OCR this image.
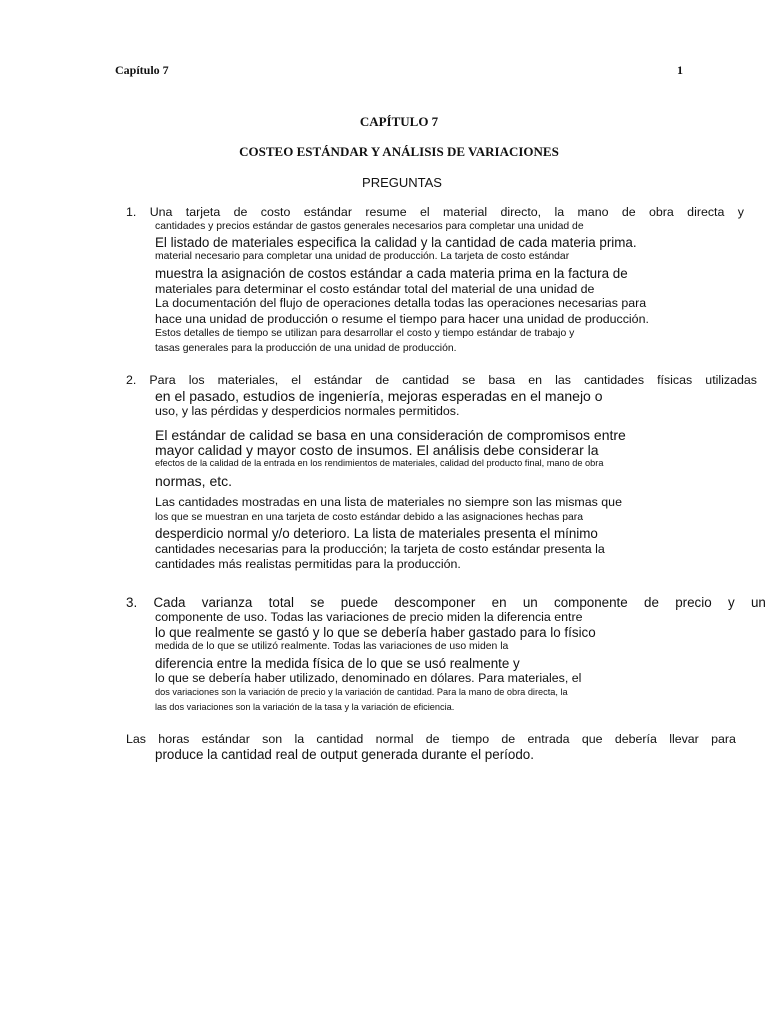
Capítulo 7	1
CAPÍTULO 7
COSTEO ESTÁNDAR Y ANÁLISIS DE VARIACIONES
PREGUNTAS
1. Una tarjeta de costo estándar resume el material directo, la mano de obra directa y
cantidades y precios estándar de gastos generales necesarios para completar una unidad de
El listado de materiales especifica la calidad y la cantidad de cada materia prima.
material necesario para completar una unidad de producción. La tarjeta de costo estándar
muestra la asignación de costos estándar a cada materia prima en la factura de
materiales para determinar el costo estándar total del material de una unidad de
La documentación del flujo de operaciones detalla todas las operaciones necesarias para
hace una unidad de producción o resume el tiempo para hacer una unidad de producción.
Estos detalles de tiempo se utilizan para desarrollar el costo y tiempo estándar de trabajo y
tasas generales para la producción de una unidad de producción.
2. Para los materiales, el estándar de cantidad se basa en las cantidades físicas utilizadas
en el pasado, estudios de ingeniería, mejoras esperadas en el manejo o
uso, y las pérdidas y desperdicios normales permitidos.
El estándar de calidad se basa en una consideración de compromisos entre
mayor calidad y mayor costo de insumos. El análisis debe considerar la
efectos de la calidad de la entrada en los rendimientos de materiales, calidad del producto final, mano de obra
normas, etc.
Las cantidades mostradas en una lista de materiales no siempre son las mismas que
los que se muestran en una tarjeta de costo estándar debido a las asignaciones hechas para
desperdicio normal y/o deterioro. La lista de materiales presenta el mínimo
cantidades necesarias para la producción; la tarjeta de costo estándar presenta la
cantidades más realistas permitidas para la producción.
3. Cada varianza total se puede descomponer en un componente de precio y un
componente de uso. Todas las variaciones de precio miden la diferencia entre
lo que realmente se gastó y lo que se debería haber gastado para lo físico
medida de lo que se utilizó realmente. Todas las variaciones de uso miden la
diferencia entre la medida física de lo que se usó realmente y
lo que se debería haber utilizado, denominado en dólares. Para materiales, el
dos variaciones son la variación de precio y la variación de cantidad. Para la mano de obra directa, la
las dos variaciones son la variación de la tasa y la variación de eficiencia.
Las horas estándar son la cantidad normal de tiempo de entrada que debería llevar para
produce la cantidad real de output generada durante el período.
